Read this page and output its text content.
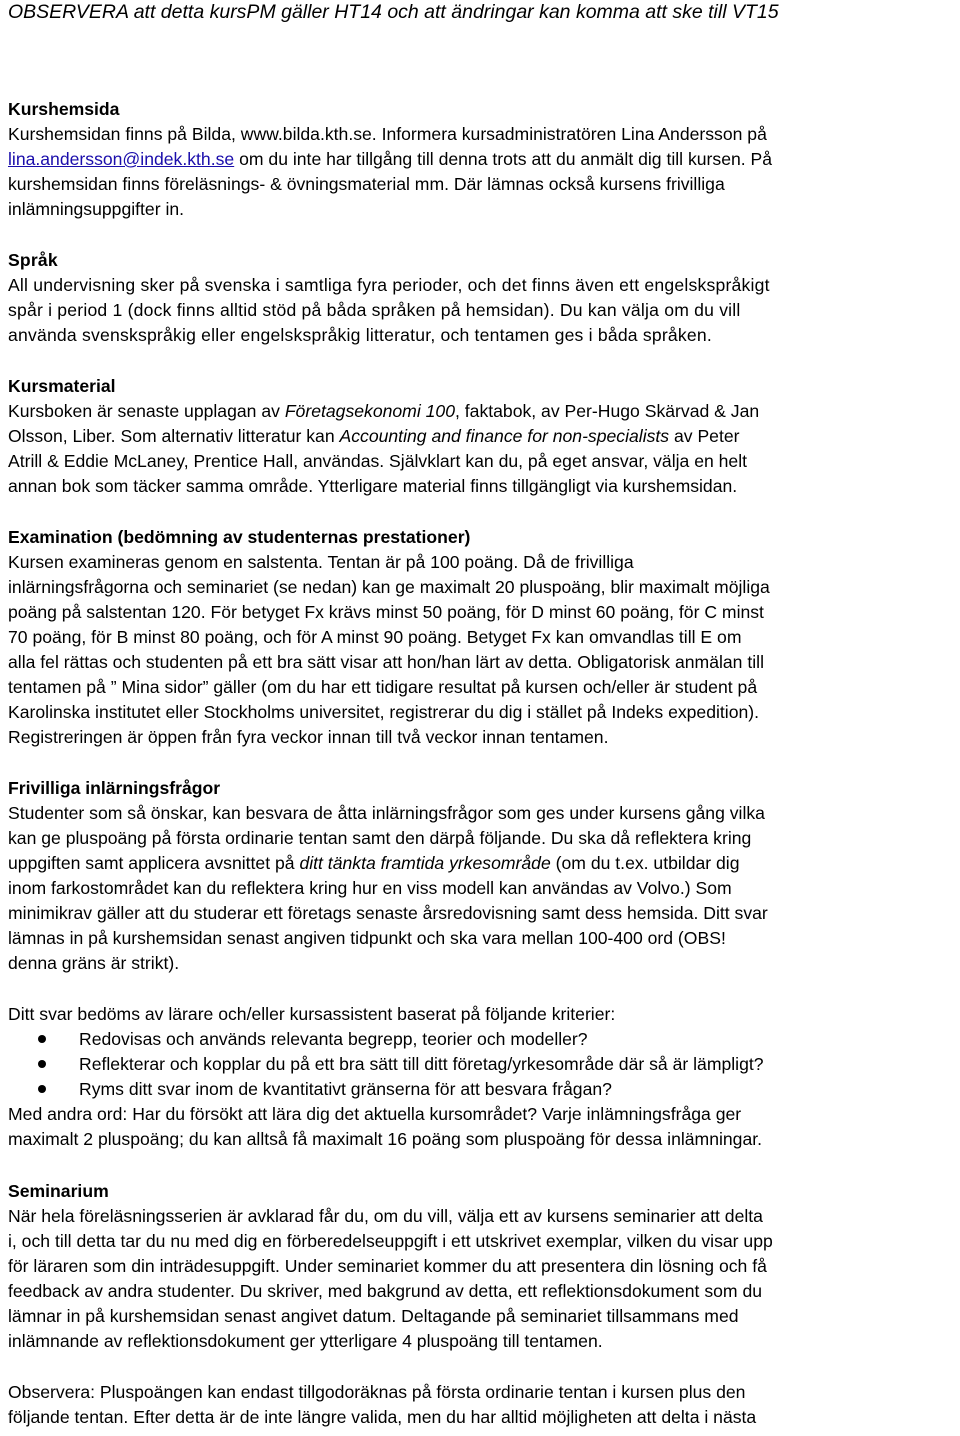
OBSERVERA att detta kursPM gäller HT14 och att ändringar kan komma att ske till VT15
Kurshemsida
Kurshemsidan finns på Bilda, www.bilda.kth.se. Informera kursadministratören Lina Andersson på
lina.andersson@indek.kth.se om du inte har tillgång till denna trots att du anmält dig till kursen. På
kurshemsidan finns föreläsnings- & övningsmaterial mm. Där lämnas också kursens frivilliga
inlämningsuppgifter in.
Språk
All undervisning sker på svenska i samtliga fyra perioder, och det finns även ett engelskspråkigt
spår i period 1 (dock finns alltid stöd på båda språken på hemsidan). Du kan välja om du vill
använda svenskspråkig eller engelskspråkig litteratur, och tentamen ges i båda språken.
Kursmaterial
Kursboken är senaste upplagan av Företagsekonomi 100, faktabok, av Per-Hugo Skärvad & Jan
Olsson, Liber. Som alternativ litteratur kan Accounting and finance for non-specialists av Peter
Atrill & Eddie McLaney, Prentice Hall, användas. Självklart kan du, på eget ansvar, välja en helt
annan bok som täcker samma område. Ytterligare material finns tillgängligt via kurshemsidan.
Examination (bedömning av studenternas prestationer)
Kursen examineras genom en salstenta. Tentan är på 100 poäng. Då de frivilliga
inlärningsfrågorna och seminariet (se nedan) kan ge maximalt 20 pluspoäng, blir maximalt möjliga
poäng på salstentan 120. För betyget Fx krävs minst 50 poäng, för D minst 60 poäng, för C minst
70 poäng, för B minst 80 poäng, och för A minst 90 poäng. Betyget Fx kan omvandlas till E om
alla fel rättas och studenten på ett bra sätt visar att hon/han lärt av detta. Obligatorisk anmälan till
tentamen på ” Mina sidor” gäller (om du har ett tidigare resultat på kursen och/eller är student på
Karolinska institutet eller Stockholms universitet, registrerar du dig i stället på Indeks expedition).
Registreringen är öppen från fyra veckor innan till två veckor innan tentamen.
Frivilliga inlärningsfrågor
Studenter som så önskar, kan besvara de åtta inlärningsfrågor som ges under kursens gång vilka
kan ge pluspoäng på första ordinarie tentan samt den därpå följande. Du ska då reflektera kring
uppgiften samt applicera avsnittet på ditt tänkta framtida yrkesområde (om du t.ex. utbildar dig
inom farkostområdet kan du reflektera kring hur en viss modell kan användas av Volvo.) Som
minimikrav gäller att du studerar ett företags senaste årsredovisning samt dess hemsida. Ditt svar
lämnas in på kurshemsidan senast angiven tidpunkt och ska vara mellan 100-400 ord (OBS!
denna gräns är strikt).
Ditt svar bedöms av lärare och/eller kursassistent baserat på följande kriterier:
Redovisas och används relevanta begrepp, teorier och modeller?
Reflekterar och kopplar du på ett bra sätt till ditt företag/yrkesområde där så är lämpligt?
Ryms ditt svar inom de kvantitativt gränserna för att besvara frågan?
Med andra ord: Har du försökt att lära dig det aktuella kursområdet? Varje inlämningsfråga ger
maximalt 2 pluspoäng; du kan alltså få maximalt 16 poäng som pluspoäng för dessa inlämningar.
Seminarium
När hela föreläsningsserien är avklarad får du, om du vill, välja ett av kursens seminarier att delta
i, och till detta tar du nu med dig en förberedelseuppgift i ett utskrivet exemplar, vilken du visar upp
för läraren som din inträdesuppgift. Under seminariet kommer du att presentera din lösning och få
feedback av andra studenter. Du skriver, med bakgrund av detta, ett reflektionsdokument som du
lämnar in på kurshemsidan senast angivet datum. Deltagande på seminariet tillsammans med
inlämnande av reflektionsdokument ger ytterligare 4 pluspoäng till tentamen.
Observera: Pluspoängen kan endast tillgodoräknas på första ordinarie tentan i kursen plus den
följande tentan. Efter detta är de inte längre valida, men du har alltid möjligheten att delta i nästa
